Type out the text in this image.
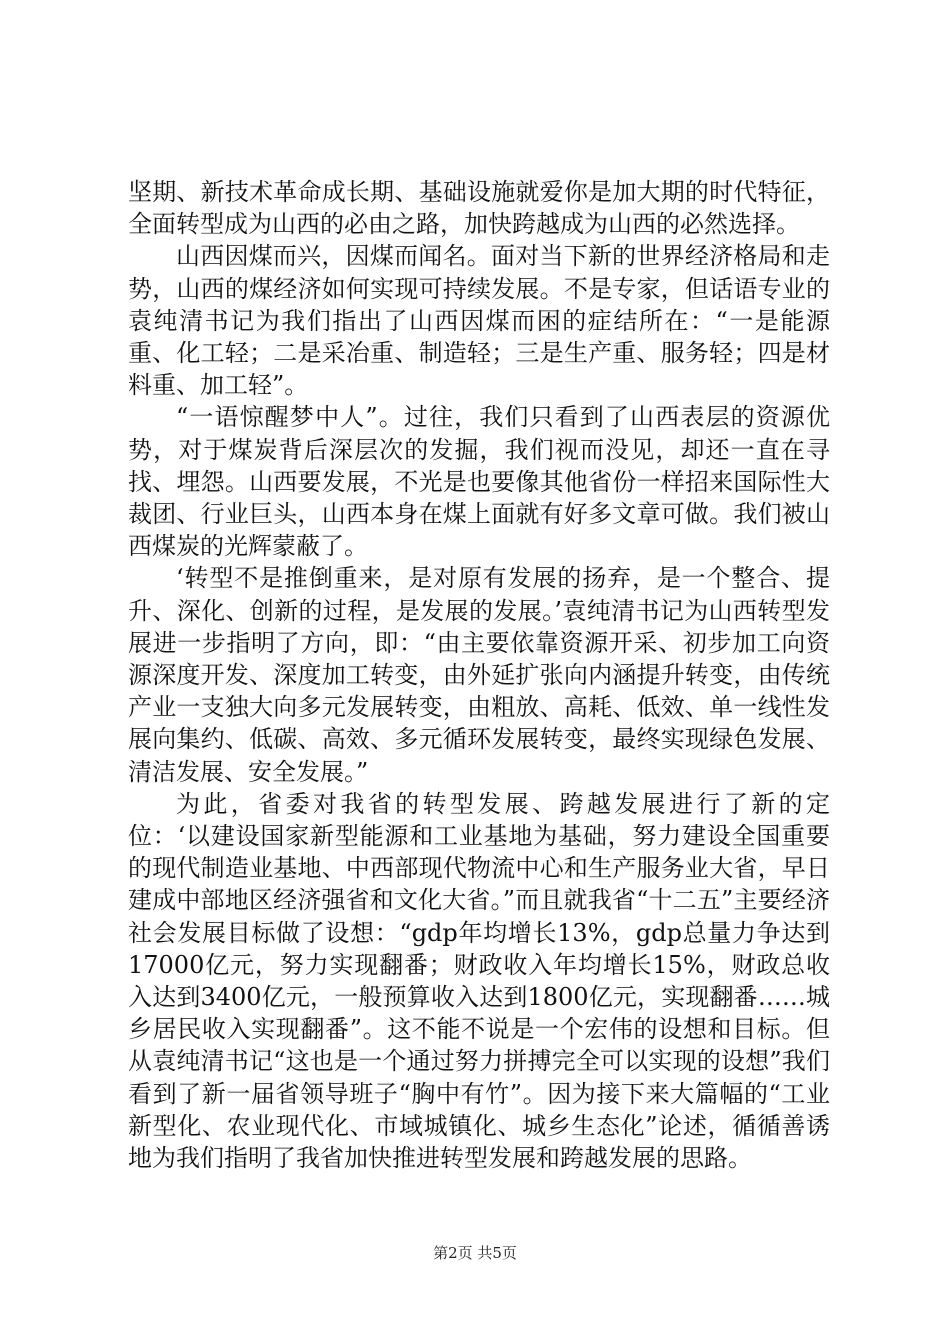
坚期、新技术革命成长期、基础设施就爱你是加大期的时代特征，全面转型成为山西的必由之路，加快跨越成为山西的必然选择。

山西因煤而兴，因煤而闻名。面对当下新的世界经济格局和走势，山西的煤经济如何实现可持续发展。不是专家，但话语专业的袁纯清书记为我们指出了山西因煤而困的症结所在：“一是能源重、化工轻；二是采冶重、制造轻；三是生产重、服务轻；四是材料重、加工轻”。

“一语惊醒梦中人”。过往，我们只看到了山西表层的资源优势，对于煤炭背后深层次的发掘，我们视而没见，却还一直在寻找、埋怨。山西要发展，不光是也要像其他省份一样招来国际性大裁团、行业巨头，山西本身在煤上面就有好多文章可做。我们被山西煤炭的光辉蒙蔽了。

‘转型不是推倒重来，是对原有发展的扬弃，是一个整合、提升、深化、创新的过程，是发展的发展。’袁纯清书记为山西转型发展进一步指明了方向，即：“由主要依靠资源开采、初步加工向资源深度开发、深度加工转变，由外延扩张向内涵提升转变，由传统产业一支独大向多元发展转变，由粗放、高耗、低效、单一线性发展向集约、低碳、高效、多元循环发展转变，最终实现绿色发展、清洁发展、安全发展。”

为此，省委对我省的转型发展、跨越发展进行了新的定位：‘以建设国家新型能源和工业基地为基础，努力建设全国重要的现代制造业基地、中西部现代物流中心和生产服务业大省，早日建成中部地区经济强省和文化大省。”而且就我省“十二五”主要经济社会发展目标做了设想：“gdp年均增长13%，gdp总量力争达到17000亿元，努力实现翻番；财政收入年均增长15%，财政总收入达到3400亿元，一般预算收入达到1800亿元，实现翻番……城乡居民收入实现翻番”。这不能不说是一个宏伟的设想和目标。但从袁纯清书记“这也是一个通过努力拼搏完全可以实现的设想”我们看到了新一届省领导班子“胸中有竹”。因为接下来大篇幅的“工业新型化、农业现代化、市域城镇化、城乡生态化”论述，循循善诱地为我们指明了我省加快推进转型发展和跨越发展的思路。

第2页 共5页
